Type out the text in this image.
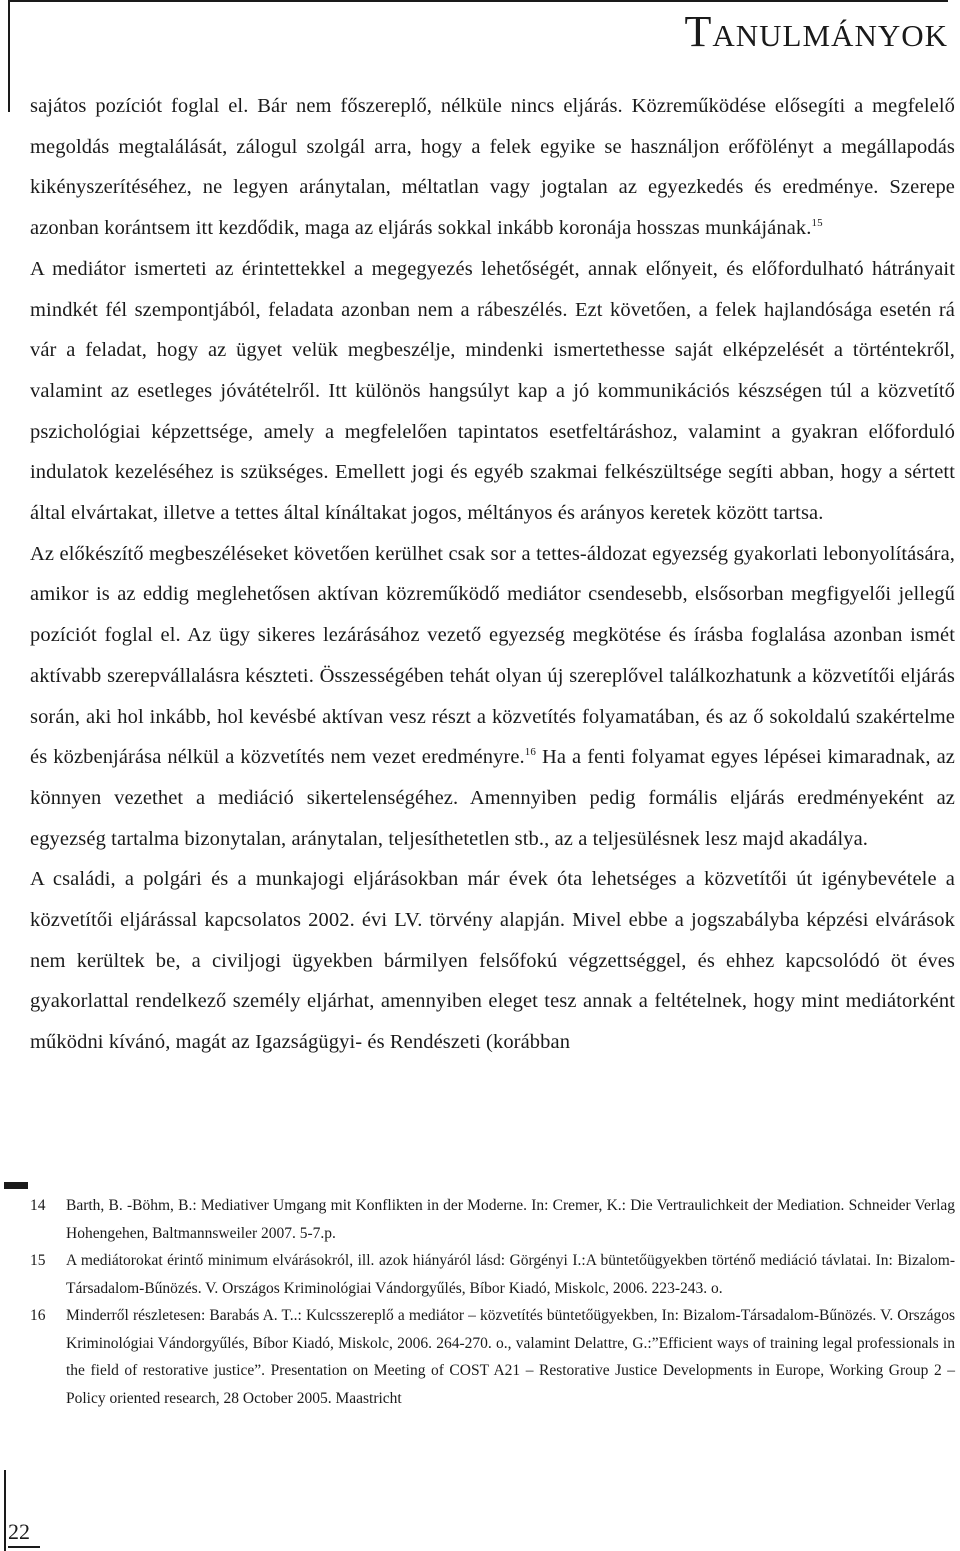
Tanulmányok

sajátos pozíciót foglal el. Bár nem főszereplő, nélküle nincs eljárás. Közreműködése elősegíti a megfelelő megoldás megtalálását, zálogul szolgál arra, hogy a felek egyike se használjon erőfölényt a megállapodás kikényszerítéséhez, ne legyen aránytalan, méltatlan vagy jogtalan az egyezkedés és eredménye. Szerepe azonban korántsem itt kezdődik, maga az eljárás sokkal inkább koronája hosszas munkájának.$^{15}$

A mediátor ismerteti az érintettekkel a megegyezés lehetőségét, annak előnyeit, és előfordulható hátrányait mindkét fél szempontjából, feladata azonban nem a rábeszélés. Ezt követően, a felek hajlandósága esetén rá vár a feladat, hogy az ügyet velük megbeszélje, mindenki ismertethesse saját elképzelését a történtekről, valamint az esetleges jóvátételről. Itt különös hangsúlyt kap a jó kommunikációs készségen túl a közvetítő pszichológiai képzettsége, amely a megfelelően tapintatos esetfeltáráshoz, valamint a gyakran előforduló indulatok kezeléséhez is szükséges. Emellett jogi és egyéb szakmai felkészültsége segíti abban, hogy a sértett által elvártakat, illetve a tettes által kínáltakat jogos, méltányos és arányos keretek között tartsa.

Az előkészítő megbeszéléseket követően kerülhet csak sor a tettes-áldozat egyezség gyakorlati lebonyolítására, amikor is az eddig meglehetősen aktívan közreműködő mediátor csendesebb, elsősorban megfigyelői jellegű pozíciót foglal el. Az ügy sikeres lezárásához vezető egyezség megkötése és írásba foglalása azonban ismét aktívabb szerepvállalásra készteti. Összességében tehát olyan új szereplővel találkozhatunk a közvetítői eljárás során, aki hol inkább, hol kevésbé aktívan vesz részt a közvetítés folyamatában, és az ő sokoldalú szakértelme és közbenjárása nélkül a közvetítés nem vezet eredményre.$^{16}$ Ha a fenti folyamat egyes lépései kimaradnak, az könnyen vezethet a mediáció sikertelenségéhez. Amennyiben pedig formális eljárás eredményeként az egyezség tartalma bizonytalan, aránytalan, teljesíthetetlen stb., az a teljesülésnek lesz majd akadálya.

A családi, a polgári és a munkajogi eljárásokban már évek óta lehetséges a közvetítői út igénybevétele a közvetítői eljárással kapcsolatos 2002. évi LV. törvény alapján. Mivel ebbe a jogszabályba képzési elvárások nem kerültek be, a civiljogi ügyekben bármilyen felsőfokú végzettséggel, és ehhez kapcsolódó öt éves gyakorlattal rendelkező személy eljárhat, amennyiben eleget tesz annak a feltételnek, hogy mint mediátorként működni kívánó, magát az Igazságügyi- és Rendészeti (korábban

14	Barth, B. -Böhm, B.: Mediativer Umgang mit Konflikten in der Moderne. In: Cremer, K.: Die Vertraulichkeit der Mediation. Schneider Verlag Hohengehen, Baltmannsweiler 2007. 5-7.p.
15	A mediátorokat érintő minimum elvárásokról, ill. azok hiányáról lásd: Görgényi I.:A büntetőügyekben történő mediáció távlatai. In: Bizalom-Társadalom-Bűnözés. V. Országos Kriminológiai Vándorgyűlés, Bíbor Kiadó, Miskolc, 2006. 223-243. o.
16	Minderről részletesen: Barabás A. T..: Kulcsszereplő a mediátor – közvetítés büntetőügyekben, In: Bizalom-Társadalom-Bűnözés. V. Országos Kriminológiai Vándorgyűlés, Bíbor Kiadó, Miskolc, 2006. 264-270. o., valamint Delattre, G.:”Efficient ways of training legal professionals in the field of restorative justice”. Presentation on Meeting of COST A21 – Restorative Justice Developments in Europe, Working Group 2 – Policy oriented research, 28 October 2005. Maastricht
22
